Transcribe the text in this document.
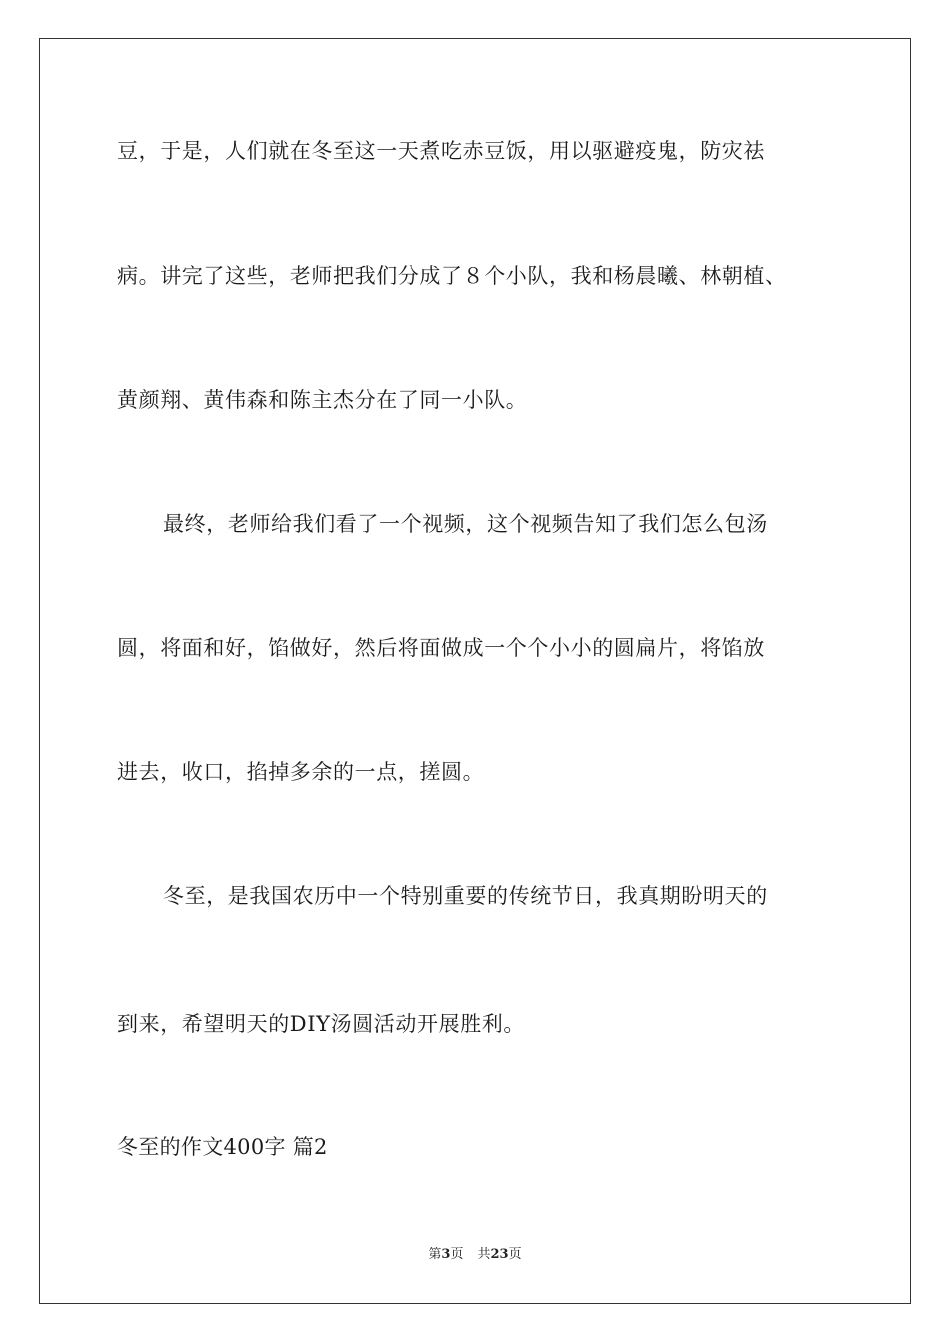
豆，于是，人们就在冬至这一天煮吃赤豆饭，用以驱避疫鬼，防灾祛
病。讲完了这些，老师把我们分成了８个小队，我和杨晨曦、林朝植、
黄颜翔、黄伟森和陈主杰分在了同一小队。
最终，老师给我们看了一个视频，这个视频告知了我们怎么包汤
圆，将面和好，馅做好，然后将面做成一个个小小的圆扁片，将馅放
进去，收口，掐掉多余的一点，搓圆。
冬至，是我国农历中一个特别重要的传统节日，我真期盼明天的
到来，希望明天的DIY汤圆活动开展胜利。
冬至的作文400字 篇2
第3页 共23页
